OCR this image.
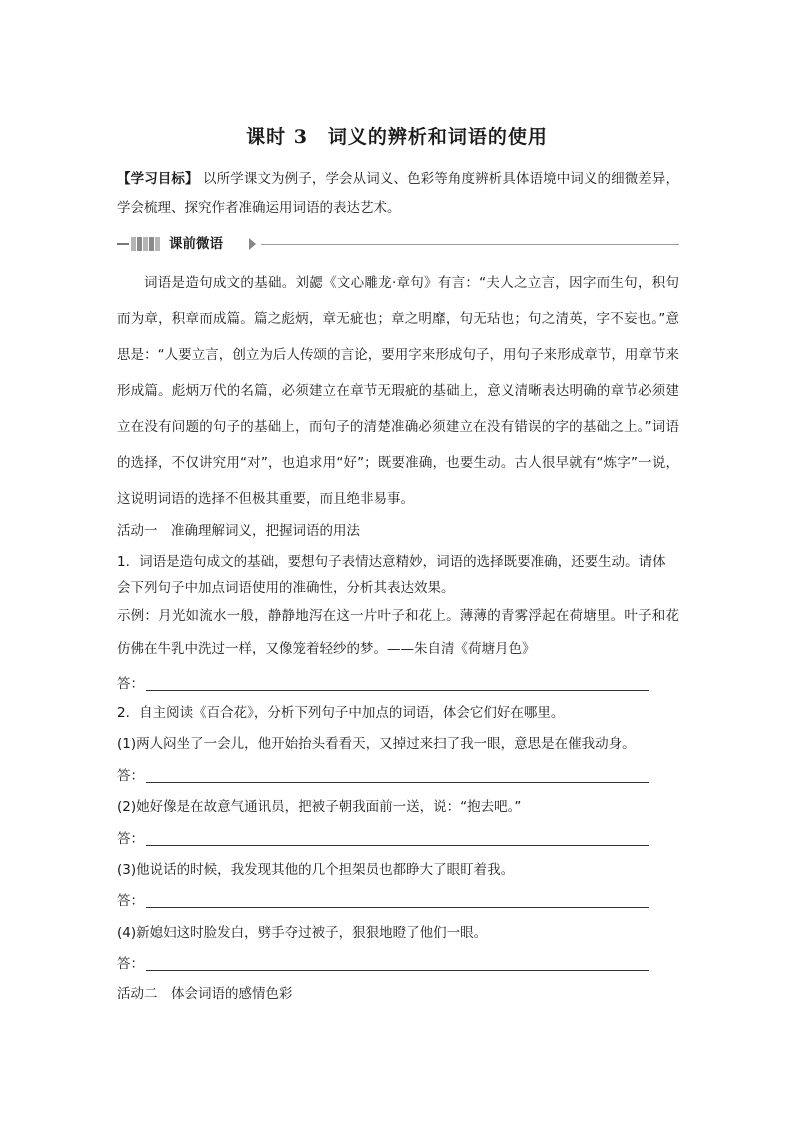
课时 3　词义的辨析和词语的使用

【学习目标】 以所学课文为例子，学会从词义、色彩等角度辨析具体语境中词义的细微差异，学会梳理、探究作者准确运用词语的表达艺术。

课前微语

词语是造句成文的基础。刘勰《文心雕龙·章句》有言：“夫人之立言，因字而生句，积句而为章，积章而成篇。篇之彪炳，章无疵也；章之明靡，句无玷也；句之清英，字不妄也。”意思是：“人要立言，创立为后人传颂的言论，要用字来形成句子，用句子来形成章节，用章节来形成篇。彪炳万代的名篇，必须建立在章节无瑕疵的基础上，意义清晰表达明确的章节必须建立在没有问题的句子的基础上，而句子的清楚准确必须建立在没有错误的字的基础之上。”词语的选择，不仅讲究用“对”，也追求用“好”；既要准确，也要生动。古人很早就有“炼字”一说，这说明词语的选择不但极其重要，而且绝非易事。

活动一　准确理解词义，把握词语的用法

1．词语是造句成文的基础，要想句子表情达意精妙，词语的选择既要准确，还要生动。请体会下列句子中加点词语使用的准确性，分析其表达效果。

示例：月光如流水一般，静静地泻在这一片叶子和花上。薄薄的青雾浮起在荷塘里。叶子和花仿佛在牛乳中洗过一样，又像笼着轻纱的梦。——朱自清《荷塘月色》

答：

2．自主阅读《百合花》，分析下列句子中加点的词语，体会它们好在哪里。

(1)两人闷坐了一会儿，他开始抬头看看天，又掉过来扫了我一眼，意思是在催我动身。

答：

(2)她好像是在故意气通讯员，把被子朝我面前一送，说：“抱去吧。”

答：

(3)他说话的时候，我发现其他的几个担架员也都睁大了眼盯着我。

答：

(4)新媳妇这时脸发白，劈手夺过被子，狠狠地瞪了他们一眼。

答：

活动二　体会词语的感情色彩
